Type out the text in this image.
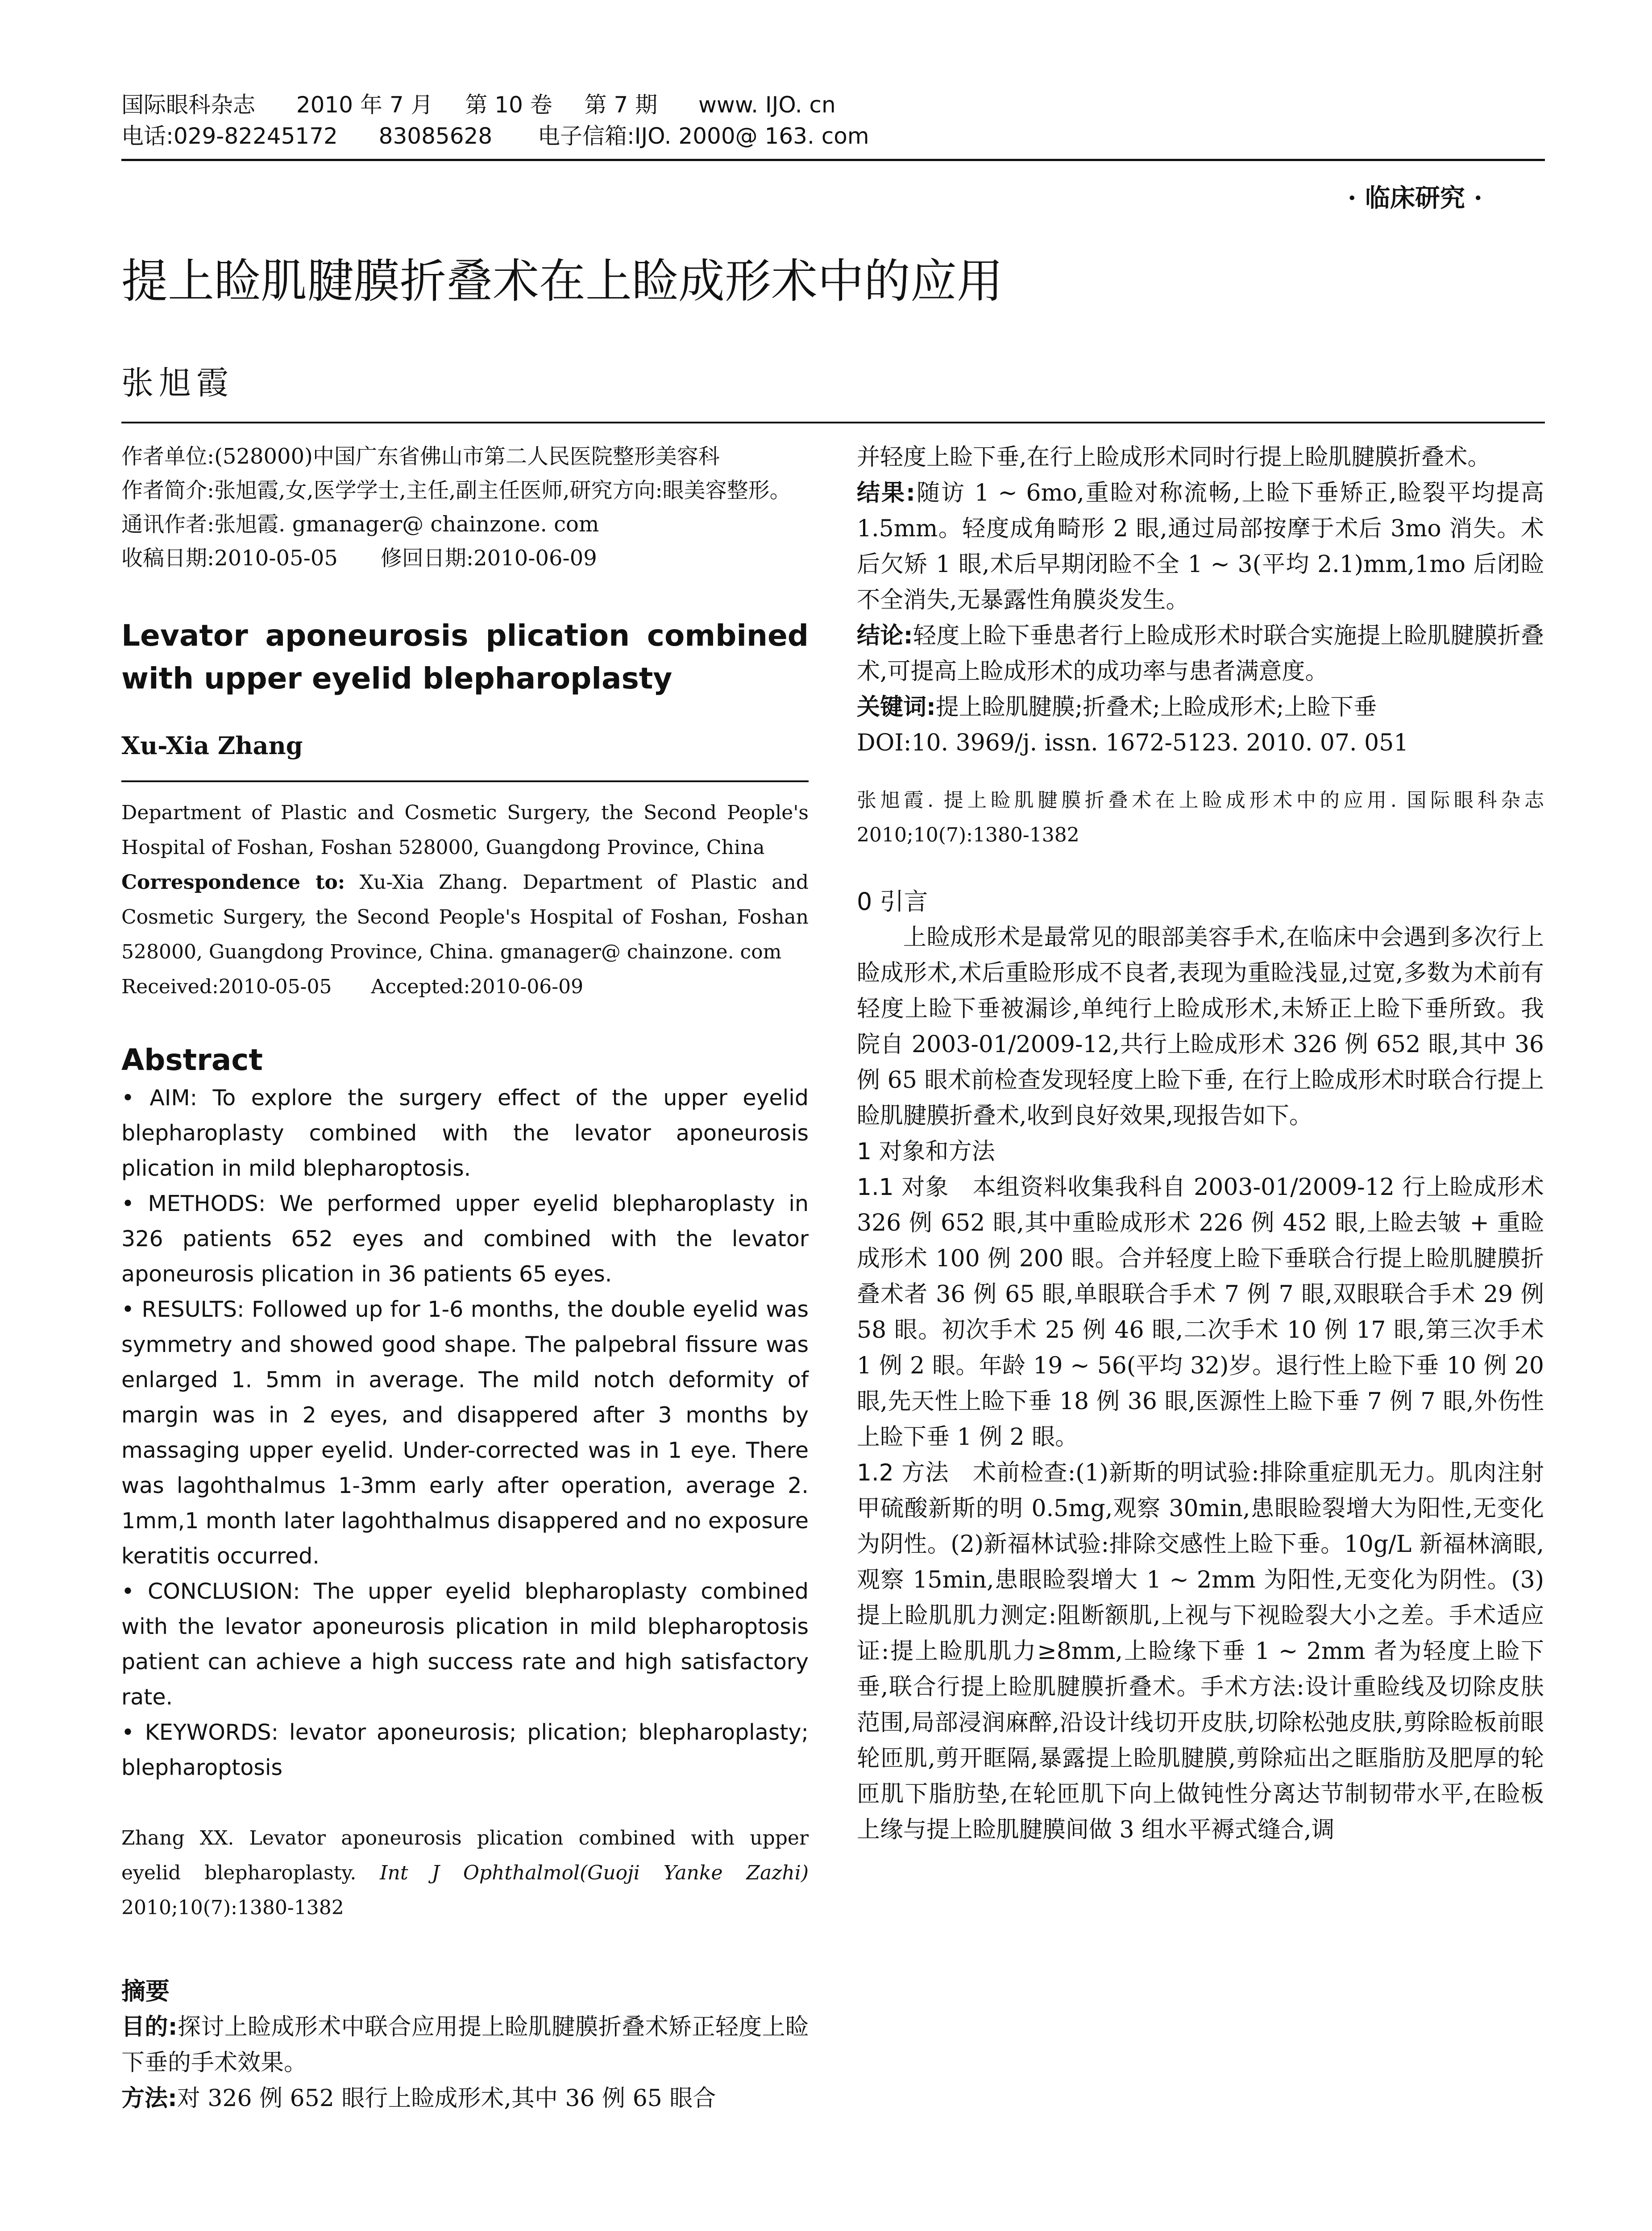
国际眼科杂志 2010 年 7 月 第 10 卷 第 7 期 www. IJO. cn
电话:029-82245172 83085628 电子信箱:IJO. 2000@ 163. com
· 临床研究 ·
提上睑肌腱膜折叠术在上睑成形术中的应用
张旭霞

作者单位:(528000)中国广东省佛山市第二人民医院整形美容科

作者简介:张旭霞,女,医学学士,主任,副主任医师,研究方向:眼美容整形。

通讯作者:张旭霞. gmanager@ chainzone. com

收稿日期:2010-05-05　　修回日期:2010-06-09

Levator aponeurosis plication combined with upper eyelid blepharoplasty
Xu-Xia Zhang

Department of Plastic and Cosmetic Surgery, the Second People's Hospital of Foshan, Foshan 528000, Guangdong Province, China

Correspondence to: Xu-Xia Zhang. Department of Plastic and Cosmetic Surgery, the Second People's Hospital of Foshan, Foshan 528000, Guangdong Province, China. gmanager@ chainzone. com

Received:2010-05-05　　Accepted:2010-06-09

Abstract

• AIM: To explore the surgery effect of the upper eyelid blepharoplasty combined with the levator aponeurosis plication in mild blepharoptosis.

• METHODS: We performed upper eyelid blepharoplasty in 326 patients 652 eyes and combined with the levator aponeurosis plication in 36 patients 65 eyes.

• RESULTS: Followed up for 1-6 months, the double eyelid was symmetry and showed good shape. The palpebral fissure was enlarged 1. 5mm in average. The mild notch deformity of margin was in 2 eyes, and disappered after 3 months by massaging upper eyelid. Under-corrected was in 1 eye. There was lagohthalmus 1-3mm early after operation, average 2. 1mm,1 month later lagohthalmus disappered and no exposure keratitis occurred.

• CONCLUSION: The upper eyelid blepharoplasty combined with the levator aponeurosis plication in mild blepharoptosis patient can achieve a high success rate and high satisfactory rate.

• KEYWORDS: levator aponeurosis; plication; blepharoplasty; blepharoptosis

Zhang XX. Levator aponeurosis plication combined with upper eyelid blepharoplasty. Int J Ophthalmol(Guoji Yanke Zazhi) 2010;10(7):1380-1382
摘要

目的:探讨上睑成形术中联合应用提上睑肌腱膜折叠术矫正轻度上睑下垂的手术效果。

方法:对 326 例 652 眼行上睑成形术,其中 36 例 65 眼合

并轻度上睑下垂,在行上睑成形术同时行提上睑肌腱膜折叠术。

结果:随访 1 ~ 6mo,重睑对称流畅,上睑下垂矫正,睑裂平均提高 1.5mm。轻度成角畸形 2 眼,通过局部按摩于术后 3mo 消失。术后欠矫 1 眼,术后早期闭睑不全 1 ~ 3(平均 2.1)mm,1mo 后闭睑不全消失,无暴露性角膜炎发生。

结论:轻度上睑下垂患者行上睑成形术时联合实施提上睑肌腱膜折叠术,可提高上睑成形术的成功率与患者满意度。

关键词:提上睑肌腱膜;折叠术;上睑成形术;上睑下垂

DOI:10. 3969/j. issn. 1672-5123. 2010. 07. 051

张旭霞. 提上睑肌腱膜折叠术在上睑成形术中的应用. 国际眼科杂志 2010;10(7):1380-1382
0 引言

上睑成形术是最常见的眼部美容手术,在临床中会遇到多次行上睑成形术,术后重睑形成不良者,表现为重睑浅显,过宽,多数为术前有轻度上睑下垂被漏诊,单纯行上睑成形术,未矫正上睑下垂所致。我院自 2003-01/2009-12,共行上睑成形术 326 例 652 眼,其中 36 例 65 眼术前检查发现轻度上睑下垂, 在行上睑成形术时联合行提上睑肌腱膜折叠术,收到良好效果,现报告如下。

1 对象和方法

1.1 对象　 本组资料收集我科自 2003-01/2009-12 行上睑成形术 326 例 652 眼,其中重睑成形术 226 例 452 眼,上睑去皱 + 重睑成形术 100 例 200 眼。合并轻度上睑下垂联合行提上睑肌腱膜折叠术者 36 例 65 眼,单眼联合手术 7 例 7 眼,双眼联合手术 29 例 58 眼。初次手术 25 例 46 眼,二次手术 10 例 17 眼,第三次手术 1 例 2 眼。年龄 19 ~ 56(平均 32)岁。退行性上睑下垂 10 例 20 眼,先天性上睑下垂 18 例 36 眼,医源性上睑下垂 7 例 7 眼,外伤性上睑下垂 1 例 2 眼。

1.2 方法　 术前检查:(1)新斯的明试验:排除重症肌无力。肌肉注射甲硫酸新斯的明 0.5mg,观察 30min,患眼睑裂增大为阳性,无变化为阴性。(2)新福林试验:排除交感性上睑下垂。10g/L 新福林滴眼,观察 15min,患眼睑裂增大 1 ~ 2mm 为阳性,无变化为阴性。(3)提上睑肌肌力测定:阻断额肌,上视与下视睑裂大小之差。手术适应证:提上睑肌肌力≥8mm,上睑缘下垂 1 ~ 2mm 者为轻度上睑下垂,联合行提上睑肌腱膜折叠术。手术方法:设计重睑线及切除皮肤范围,局部浸润麻醉,沿设计线切开皮肤,切除松弛皮肤,剪除睑板前眼轮匝肌,剪开眶隔,暴露提上睑肌腱膜,剪除疝出之眶脂肪及肥厚的轮匝肌下脂肪垫,在轮匝肌下向上做钝性分离达节制韧带水平,在睑板上缘与提上睑肌腱膜间做 3 组水平褥式缝合,调
